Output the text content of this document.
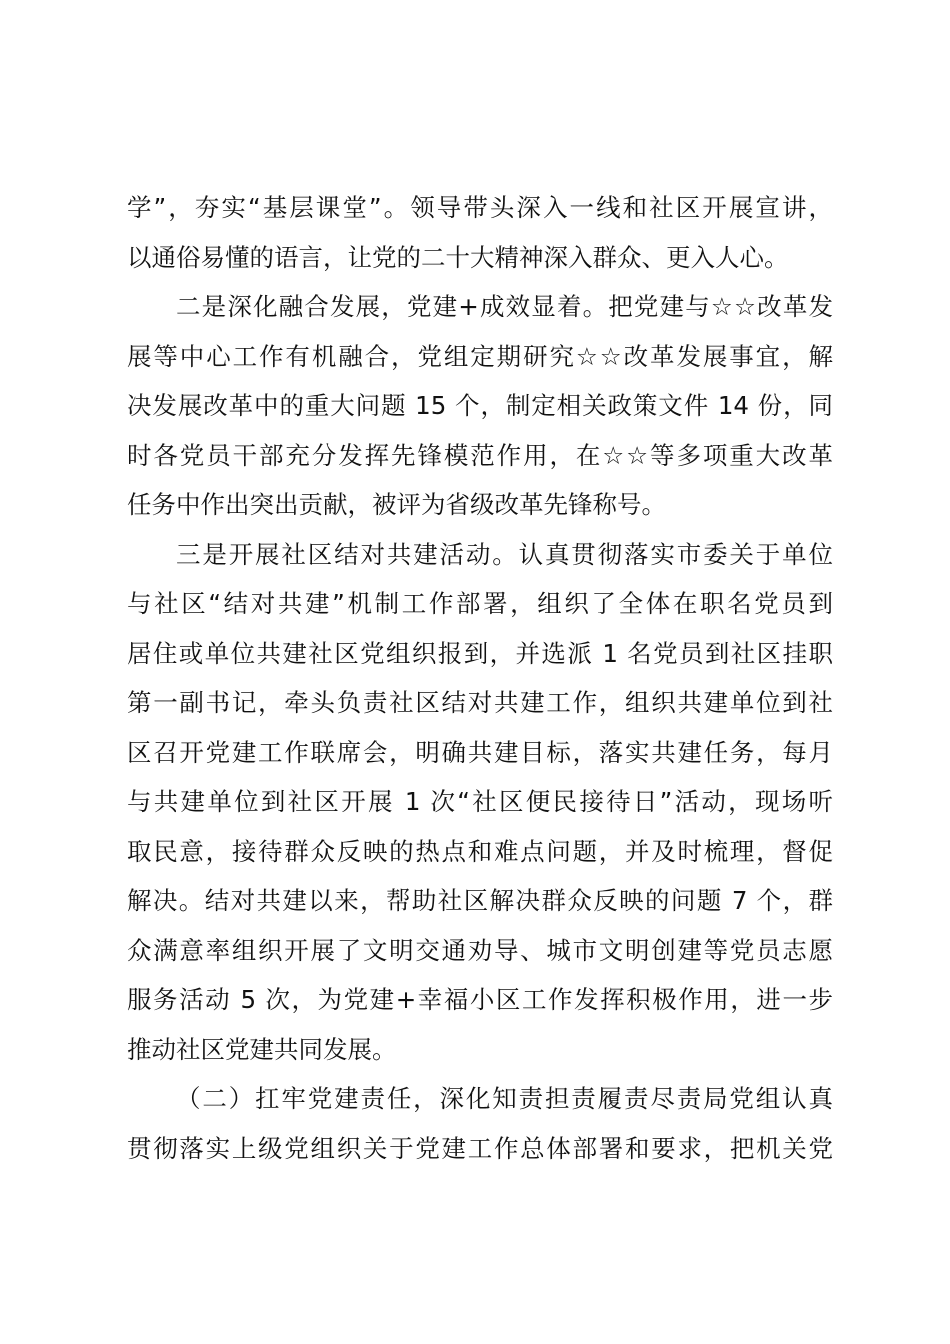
学”，夯实“基层课堂”。领导带头深入一线和社区开展宣讲，
以通俗易懂的语言，让党的二十大精神深入群众、更入人心。
二是深化融合发展，党建+成效显着。把党建与☆☆改革发
展等中心工作有机融合，党组定期研究☆☆改革发展事宜，解
决发展改革中的重大问题 15 个，制定相关政策文件 14 份，同
时各党员干部充分发挥先锋模范作用，在☆☆等多项重大改革
任务中作出突出贡献，被评为省级改革先锋称号。
三是开展社区结对共建活动。认真贯彻落实市委关于单位
与社区“结对共建”机制工作部署，组织了全体在职名党员到
居住或单位共建社区党组织报到，并选派 1 名党员到社区挂职
第一副书记，牵头负责社区结对共建工作，组织共建单位到社
区召开党建工作联席会，明确共建目标，落实共建任务，每月
与共建单位到社区开展 1 次“社区便民接待日”活动，现场听
取民意，接待群众反映的热点和难点问题，并及时梳理，督促
解决。结对共建以来，帮助社区解决群众反映的问题 7 个，群
众满意率组织开展了文明交通劝导、城市文明创建等党员志愿
服务活动 5 次，为党建+幸福小区工作发挥积极作用，进一步
推动社区党建共同发展。
（二）扛牢党建责任，深化知责担责履责尽责局党组认真
贯彻落实上级党组织关于党建工作总体部署和要求，把机关党
